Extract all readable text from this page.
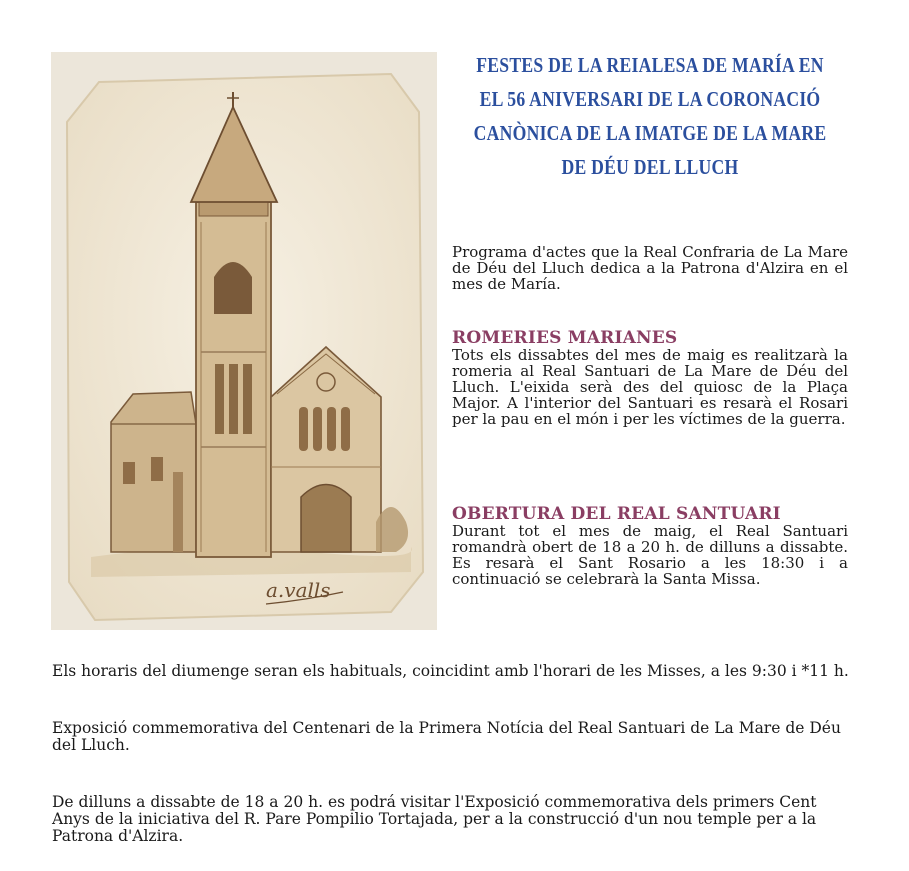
a.valls
FESTES DE LA REIALESA DE MARÍA EN EL 56 ANIVERSARI DE LA CORONACIÓ CANÒNICA DE LA IMATGE DE LA MARE DE DÉU DEL LLUCH

Programa d'actes que la Real Confraria de La Mare de Déu del Lluch dedica a la Patrona d'Alzira en el mes de María.

ROMERIES MARIANES

Tots els dissabtes del mes de maig es realitzarà la romeria al Real Santuari de La Mare de Déu del Lluch. L'eixida serà des del quiosc de la Plaça Major. A l'interior del Santuari es resarà el Rosari per la pau en el món i per les víctimes de la guerra.

OBERTURA DEL REAL SANTUARI

Durant tot el mes de maig, el Real Santuari romandrà obert de 18 a 20 h. de dilluns a dissabte. Es resarà el Sant Rosario a les 18:30 i a continuació se celebrarà la Santa Missa.

Els horaris del diumenge seran els habituals, coincidint amb l'horari de les Misses, a les 9:30 i *11 h.

Exposició commemorativa del Centenari de la Primera Notícia del Real Santuari de La Mare de Déu del Lluch.

De dilluns a dissabte de 18 a 20 h. es podrá visitar l'Exposició commemorativa dels primers Cent Anys de la iniciativa del R. Pare Pompilio Tortajada, per a la construcció d'un nou temple per a la Patrona d'Alzira.
